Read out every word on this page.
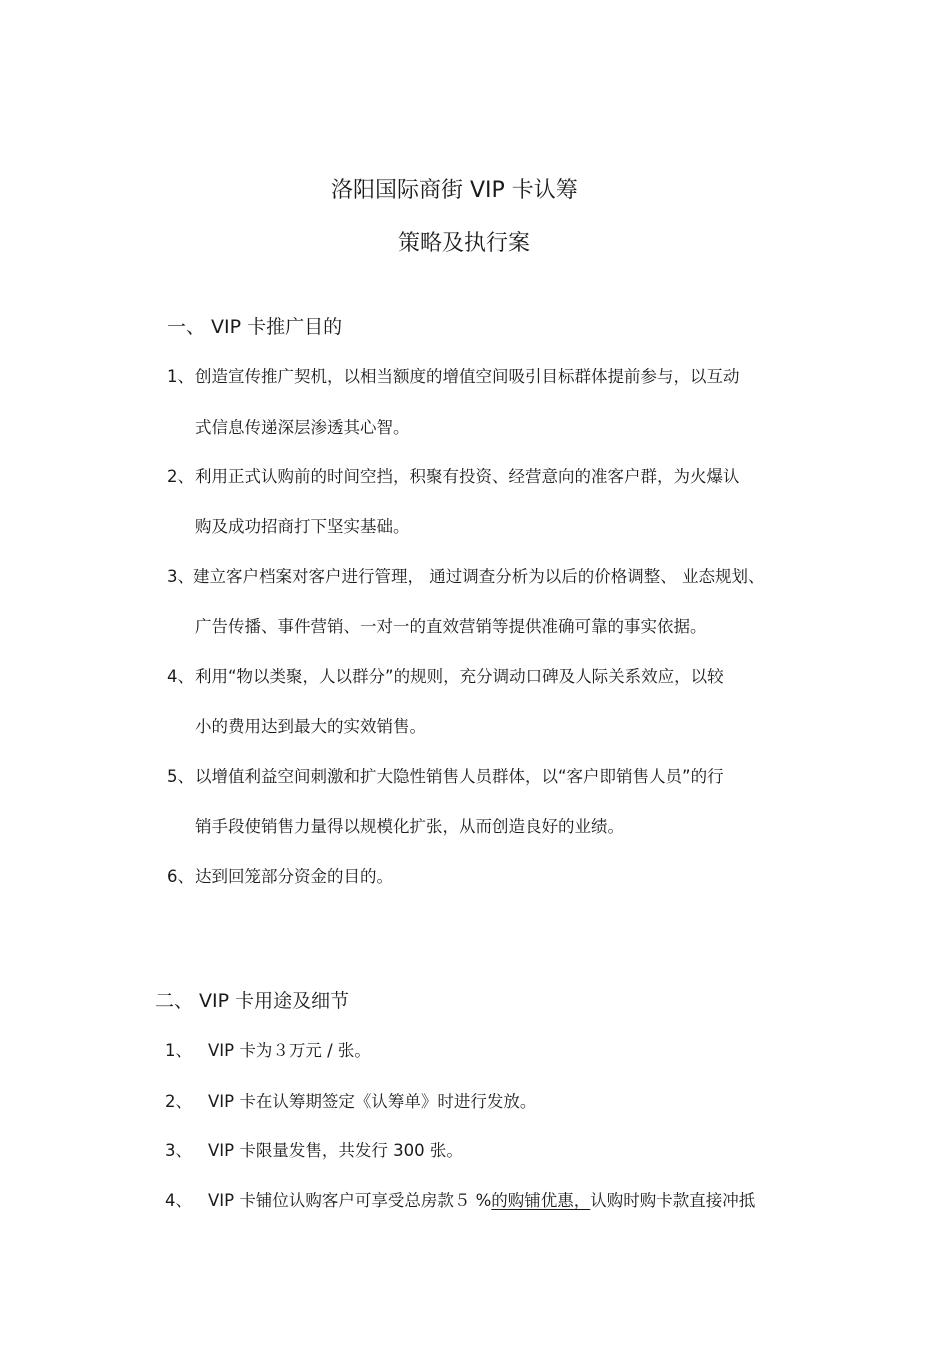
洛阳国际商街 VIP 卡认筹

策略及执行案

一、 VIP 卡推广目的

1、 创造宣传推广契机，以相当额度的增值空间吸引目标群体提前参与，以互动
式信息传递深层渗透其心智。
2、 利用正式认购前的时间空挡，积聚有投资、经营意向的准客户群，为火爆认
购及成功招商打下坚实基础。
3、 建立客户档案对客户进行管理， 通过调查分析为以后的价格调整、 业态规划、
广告传播、事件营销、一对一的直效营销等提供准确可靠的事实依据。
4、 利用“物以类聚，人以群分”的规则，充分调动口碑及人际关系效应，以较
小的费用达到最大的实效销售。
5、 以增值利益空间刺激和扩大隐性销售人员群体，以“客户即销售人员”的行
销手段使销售力量得以规模化扩张，从而创造良好的业绩。
6、 达到回笼部分资金的目的。

二、 VIP 卡用途及细节

1、 VIP 卡为３万元 / 张。
2、 VIP 卡在认筹期签定《认筹单》时进行发放。
3、 VIP 卡限量发售，共发行 300 张。
4、 VIP 卡铺位认购客户可享受总房款５ %的购铺优惠，认购时购卡款直接冲抵
